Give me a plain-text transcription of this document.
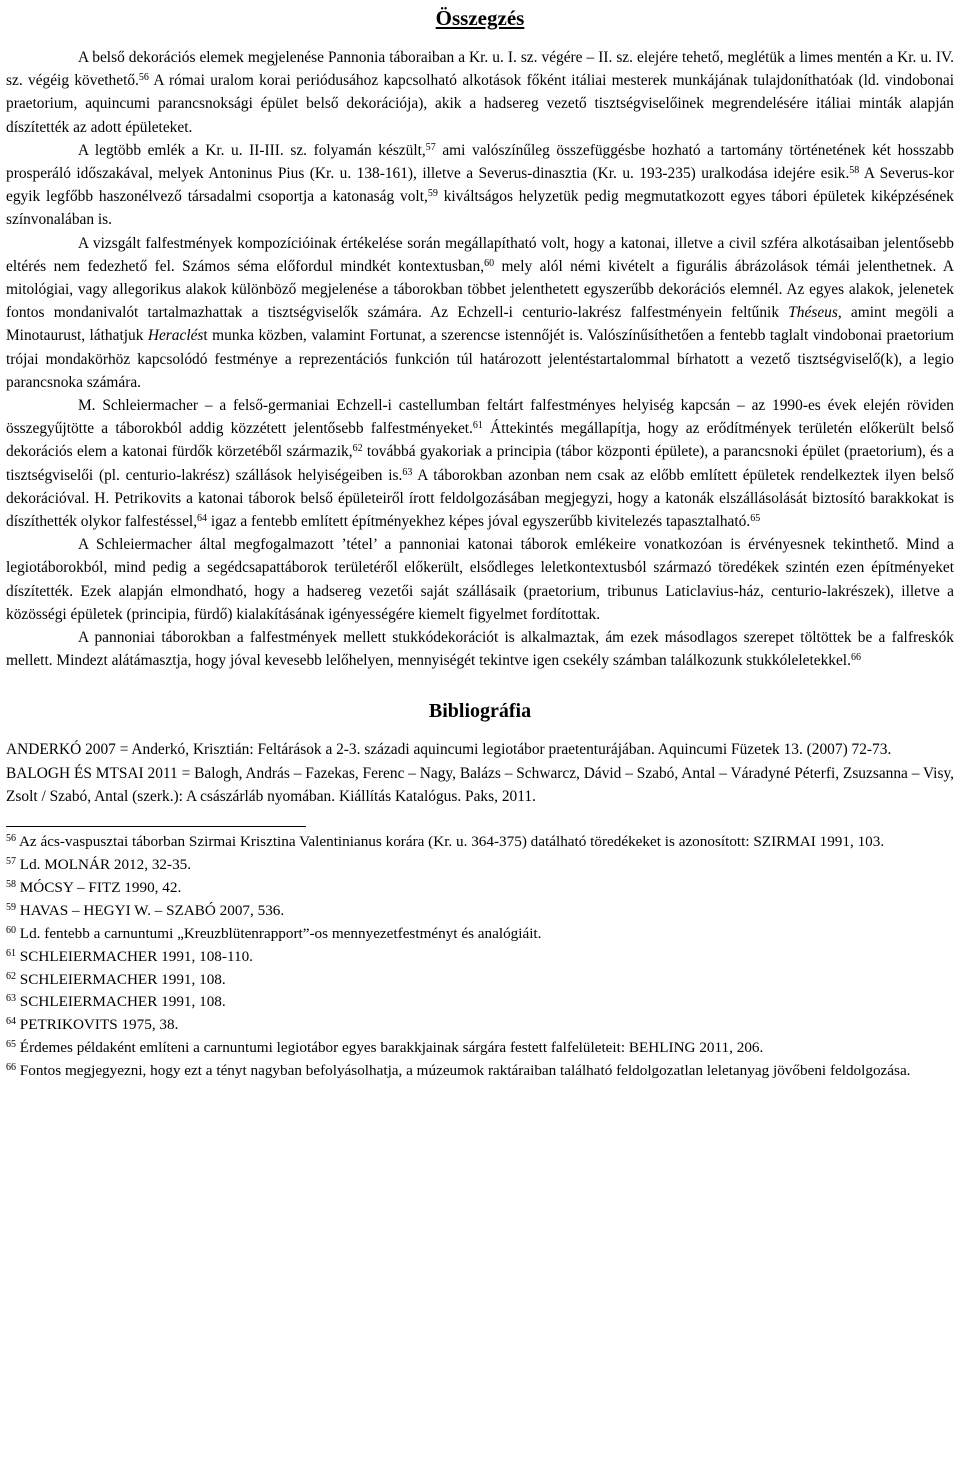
Összegzés

A belső dekorációs elemek megjelenése Pannonia táboraiban a Kr. u. I. sz. végére – II. sz. elejére tehető, meglétük a limes mentén a Kr. u. IV. sz. végéig követhető.$^{56}$ A római uralom korai periódusához kapcsolható alkotások főként itáliai mesterek munkájának tulajdoníthatóak (ld. vindobonai praetorium, aquincumi parancsnoksági épület belső dekorációja), akik a hadsereg vezető tisztségviselőinek megrendelésére itáliai minták alapján díszítették az adott épületeket.

A legtöbb emlék a Kr. u. II-III. sz. folyamán készült,$^{57}$ ami valószínűleg összefüggésbe hozható a tartomány történetének két hosszabb prosperáló időszakával, melyek Antoninus Pius (Kr. u. 138-161), illetve a Severus-dinasztia (Kr. u. 193-235) uralkodása idejére esik.$^{58}$ A Severus-kor egyik legfőbb haszonélvező társadalmi csoportja a katonaság volt,$^{59}$ kiváltságos helyzetük pedig megmutatkozott egyes tábori épületek kiképzésének színvonalában is.

A vizsgált falfestmények kompozícióinak értékelése során megállapítható volt, hogy a katonai, illetve a civil szféra alkotásaiban jelentősebb eltérés nem fedezhető fel. Számos séma előfordul mindkét kontextusban,$^{60}$ mely alól némi kivételt a figurális ábrázolások témái jelenthetnek. A mitológiai, vagy allegorikus alakok különböző megjelenése a táborokban többet jelenthetett egyszerűbb dekorációs elemnél. Az egyes alakok, jelenetek fontos mondanivalót tartalmazhattak a tisztségviselők számára. Az Echzell-i centurio-lakrész falfestményein feltűnik Théseus, amint megöli a Minotaurust, láthatjuk Heraclést munka közben, valamint Fortunat, a szerencse istennőjét is. Valószínűsíthetően a fentebb taglalt vindobonai praetorium trójai mondakörhöz kapcsolódó festménye a reprezentációs funkción túl határozott jelentéstartalommal bírhatott a vezető tisztségviselő(k), a legio parancsnoka számára.

M. Schleiermacher – a felső-germaniai Echzell-i castellumban feltárt falfestményes helyiség kapcsán – az 1990-es évek elején röviden összegyűjtötte a táborokból addig közzétett jelentősebb falfestményeket.$^{61}$ Áttekintés megállapítja, hogy az erődítmények területén előkerült belső dekorációs elem a katonai fürdők körzetéből származik,$^{62}$ továbbá gyakoriak a principia (tábor központi épülete), a parancsnoki épület (praetorium), és a tisztségviselői (pl. centurio-lakrész) szállások helyiségeiben is.$^{63}$ A táborokban azonban nem csak az előbb említett épületek rendelkeztek ilyen belső dekorációval. H. Petrikovits a katonai táborok belső épületeiről írott feldolgozásában megjegyzi, hogy a katonák elszállásolását biztosító barakkokat is díszíthették olykor falfestéssel,$^{64}$ igaz a fentebb említett építményekhez képes jóval egyszerűbb kivitelezés tapasztalható.$^{65}$

A Schleiermacher által megfogalmazott ’tétel’ a pannoniai katonai táborok emlékeire vonatkozóan is érvényesnek tekinthető. Mind a legiotáborokból, mind pedig a segédcsapattáborok területéről előkerült, elsődleges leletkontextusból származó töredékek szintén ezen építményeket díszítették. Ezek alapján elmondható, hogy a hadsereg vezetői saját szállásaik (praetorium, tribunus Laticlavius-ház, centurio-lakrészek), illetve a közösségi épületek (principia, fürdő) kialakításának igényességére kiemelt figyelmet fordítottak.

A pannoniai táborokban a falfestmények mellett stukkódekorációt is alkalmaztak, ám ezek másodlagos szerepet töltöttek be a falfreskók mellett. Mindezt alátámasztja, hogy jóval kevesebb lelőhelyen, mennyiségét tekintve igen csekély számban találkozunk stukkóleletekkel.$^{66}$

Bibliográfia

ANDERKÓ 2007 = Anderkó, Krisztián: Feltárások a 2-3. századi aquincumi legiotábor praetenturájában. Aquincumi Füzetek 13. (2007) 72-73.

BALOGH ÉS MTSAI 2011 = Balogh, András – Fazekas, Ferenc – Nagy, Balázs – Schwarcz, Dávid – Szabó, Antal – Váradyné Péterfi, Zsuzsanna – Visy, Zsolt / Szabó, Antal (szerk.): A császárláb nyomában. Kiállítás Katalógus. Paks, 2011.

$^{56}$ Az ács-vaspusztai táborban Szirmai Krisztina Valentinianus korára (Kr. u. 364-375) datálható töredékeket is azonosított: SZIRMAI 1991, 103.

$^{57}$ Ld. MOLNÁR 2012, 32-35.

$^{58}$ MÓCSY – FITZ 1990, 42.

$^{59}$ HAVAS – HEGYI W. – SZABÓ 2007, 536.

$^{60}$ Ld. fentebb a carnuntumi „Kreuzblütenrapport”-os mennyezetfestményt és analógiáit.

$^{61}$ SCHLEIERMACHER 1991, 108-110.

$^{62}$ SCHLEIERMACHER 1991, 108.

$^{63}$ SCHLEIERMACHER 1991, 108.

$^{64}$ PETRIKOVITS 1975, 38.

$^{65}$ Érdemes példaként említeni a carnuntumi legiotábor egyes barakkjainak sárgára festett falfelületeit: BEHLING 2011, 206.

$^{66}$ Fontos megjegyezni, hogy ezt a tényt nagyban befolyásolhatja, a múzeumok raktáraiban található feldolgozatlan leletanyag jövőbeni feldolgozása.
